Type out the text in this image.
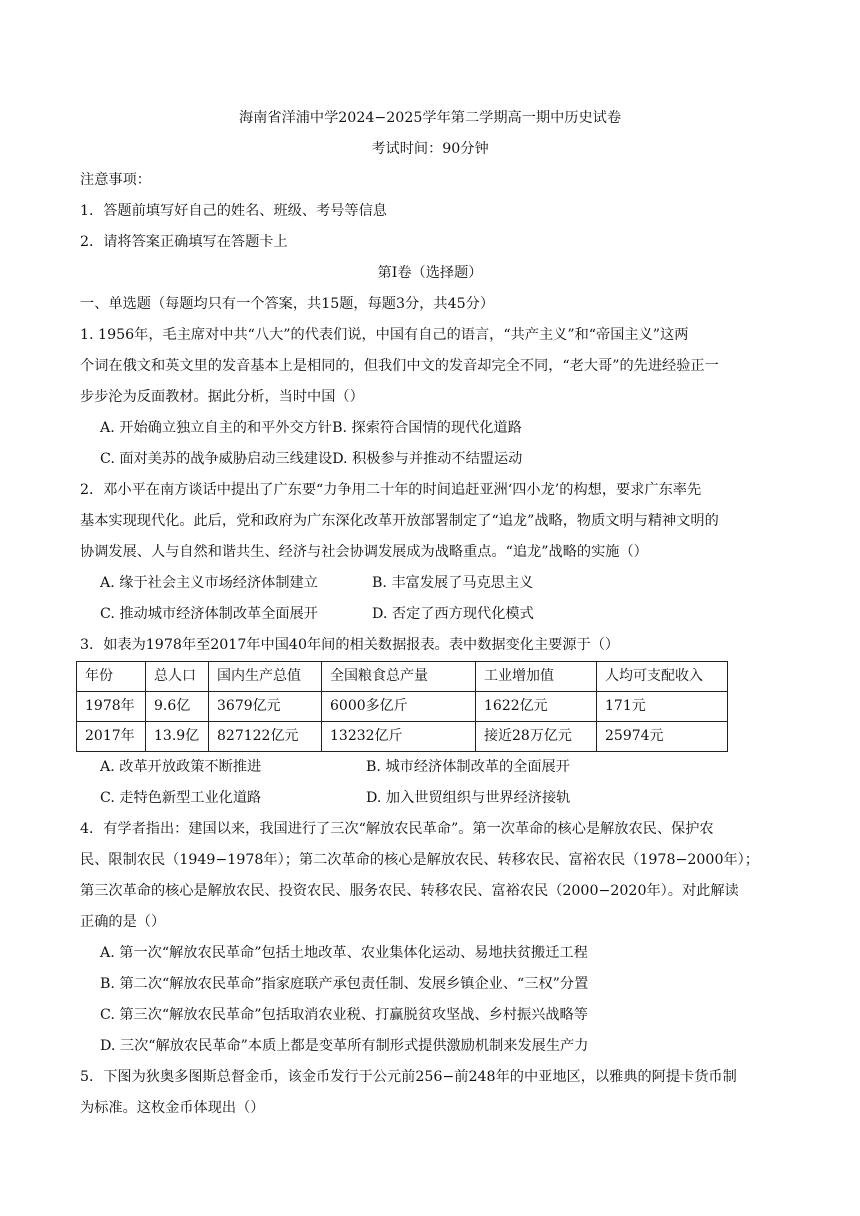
海南省洋浦中学2024−2025学年第二学期高一期中历史试卷
考试时间：90分钟
注意事项：
1．答题前填写好自己的姓名、班级、考号等信息
2．请将答案正确填写在答题卡上
第I卷（选择题）
一、单选题（每题均只有一个答案，共15题，每题3分，共45分）
1. 1956年，毛主席对中共“八大”的代表们说，中国有自己的语言，“共产主义”和“帝国主义”这两
个词在俄文和英文里的发音基本上是相同的，但我们中文的发音却完全不同，“老大哥”的先进经验正一
步步沦为反面教材。据此分析，当时中国（）
A. 开始确立独立自主的和平外交方针B. 探索符合国情的现代化道路
C. 面对美苏的战争威胁启动三线建设D. 积极参与并推动不结盟运动
2．邓小平在南方谈话中提出了广东要“力争用二十年的时间追赶亚洲‘四小龙’的构想，要求广东率先
基本实现现代化。此后，党和政府为广东深化改革开放部署制定了“追龙”战略，物质文明与精神文明的
协调发展、人与自然和谐共生、经济与社会协调发展成为战略重点。“追龙”战略的实施（）
A. 缘于社会主义市场经济体制建立	B. 丰富发展了马克思主义
C. 推动城市经济体制改革全面展开	D. 否定了西方现代化模式
3．如表为1978年至2017年中国40年间的相关数据报表。表中数据变化主要源于（）
年份	总人口	国内生产总值	全国粮食总产量	工业增加值	人均可支配收入
1978年	9.6亿	3679亿元	6000多亿斤	1622亿元	171元
2017年	13.9亿	827122亿元	13232亿斤	接近28万亿元	25974元
A. 改革开放政策不断推进	B. 城市经济体制改革的全面展开
C. 走特色新型工业化道路	D. 加入世贸组织与世界经济接轨
4．有学者指出：建国以来，我国进行了三次“解放农民革命”。第一次革命的核心是解放农民、保护农
民、限制农民（1949−1978年）；第二次革命的核心是解放农民、转移农民、富裕农民（1978−2000年）；
第三次革命的核心是解放农民、投资农民、服务农民、转移农民、富裕农民（2000−2020年）。对此解读
正确的是（）
A. 第一次“解放农民革命”包括土地改革、农业集体化运动、易地扶贫搬迁工程
B. 第二次“解放农民革命”指家庭联产承包责任制、发展乡镇企业、“三权”分置
C. 第三次“解放农民革命”包括取消农业税、打赢脱贫攻坚战、乡村振兴战略等
D. 三次“解放农民革命”本质上都是变革所有制形式提供激励机制来发展生产力
5．下图为狄奥多图斯总督金币，该金币发行于公元前256−前248年的中亚地区，以雅典的阿提卡货币制
为标准。这枚金币体现出（）
